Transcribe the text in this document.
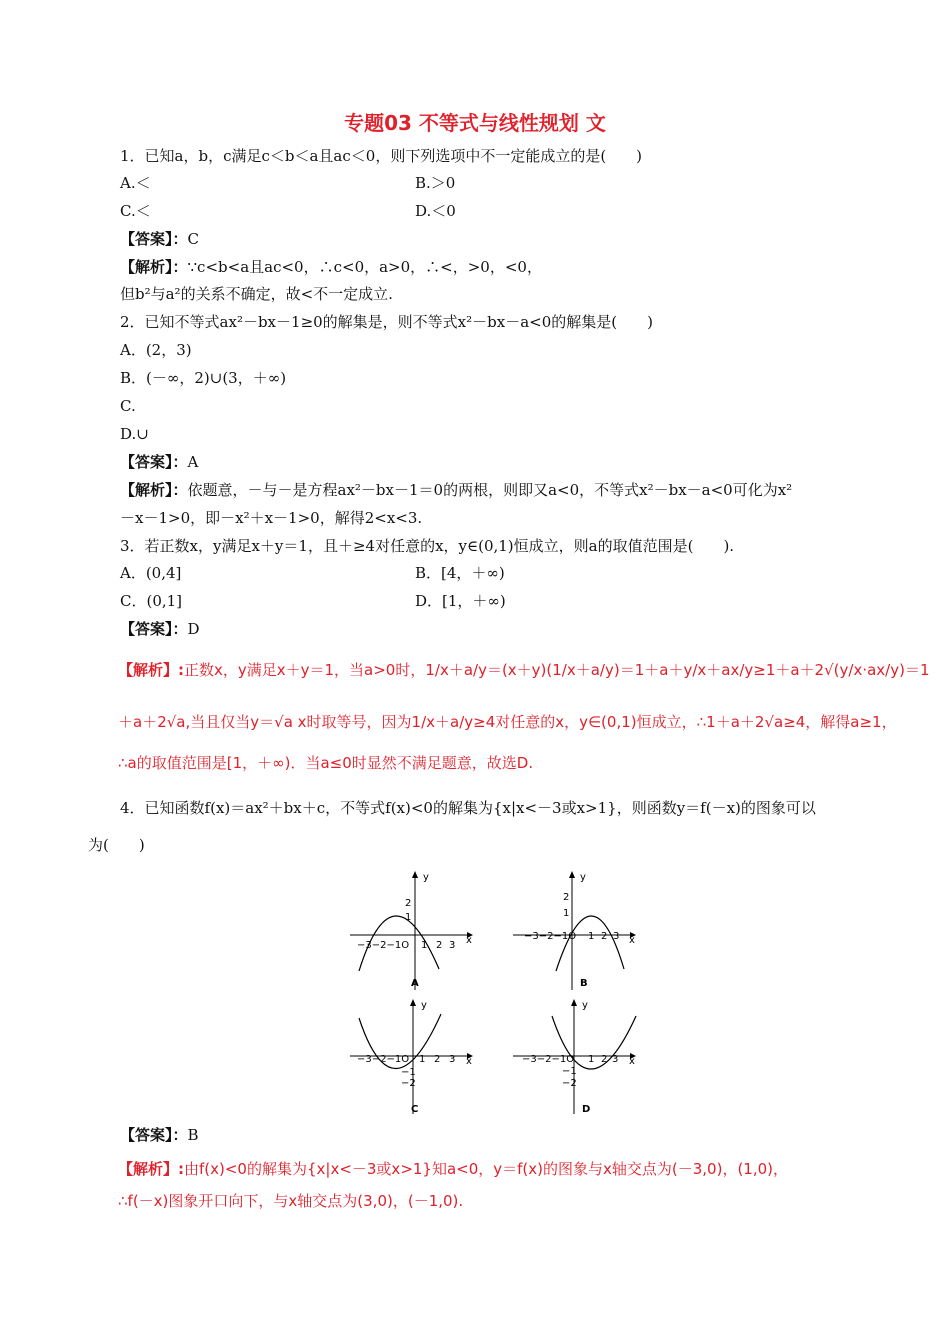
专题03 不等式与线性规划 文
1．已知a，b，c满足c＜b＜a且ac＜0，则下列选项中不一定能成立的是(　　)
A.＜	B.＞0
C.＜	D.＜0
【答案】：C
【解析】：∵c<b<a且ac<0，∴c<0，a>0，∴<，>0，<0，
但b²与a²的关系不确定，故<不一定成立.
2．已知不等式ax²－bx－1≥0的解集是，则不等式x²－bx－a<0的解集是(　　)
A．(2，3)
B．(－∞，2)∪(3，＋∞)
C.
D.∪
【答案】：A
【解析】：依题意，－与－是方程ax²－bx－1＝0的两根，则即又a<0，不等式x²－bx－a<0可化为x²
－x－1>0，即－x²＋x－1>0，解得2<x<3.
3．若正数x，y满足x＋y＝1，且＋≥4对任意的x，y∈(0,1)恒成立，则a的取值范围是(　　).
A．(0,4]	B．[4，＋∞)
C．(0,1]	D．[1，＋∞)
【答案】：D
【解析】:正数x，y满足x＋y＝1，当a>0时，1/x＋a/y＝(x＋y)(1/x＋a/y)＝1＋a＋y/x＋ax/y≥1＋a＋2√(y/x·ax/y)＝1
＋a＋2√a,当且仅当y＝√a x时取等号，因为1/x＋a/y≥4对任意的x，y∈(0,1)恒成立，∴1＋a＋2√a≥4，解得a≥1，
∴a的取值范围是[1，＋∞)．当a≤0时显然不满足题意，故选D.
4．已知函数f(x)＝ax²＋bx＋c，不等式f(x)<0的解集为{x|x<－3或x>1}，则函数y＝f(－x)的图象可以
为(　　)
y
x
2
1
−3−2−1O 1 2 3
A
y
x
2
1
−3−2−1O 1 2 3
B
y
x
−3−2−1O 1 2 3
−1
−2
C
y
x
−3−2−1O 1 2 3
−1
−2
D
【答案】：B
【解析】:由f(x)<0的解集为{x|x<－3或x>1}知a<0，y＝f(x)的图象与x轴交点为(－3,0)，(1,0)，
∴f(－x)图象开口向下，与x轴交点为(3,0)，(－1,0).
